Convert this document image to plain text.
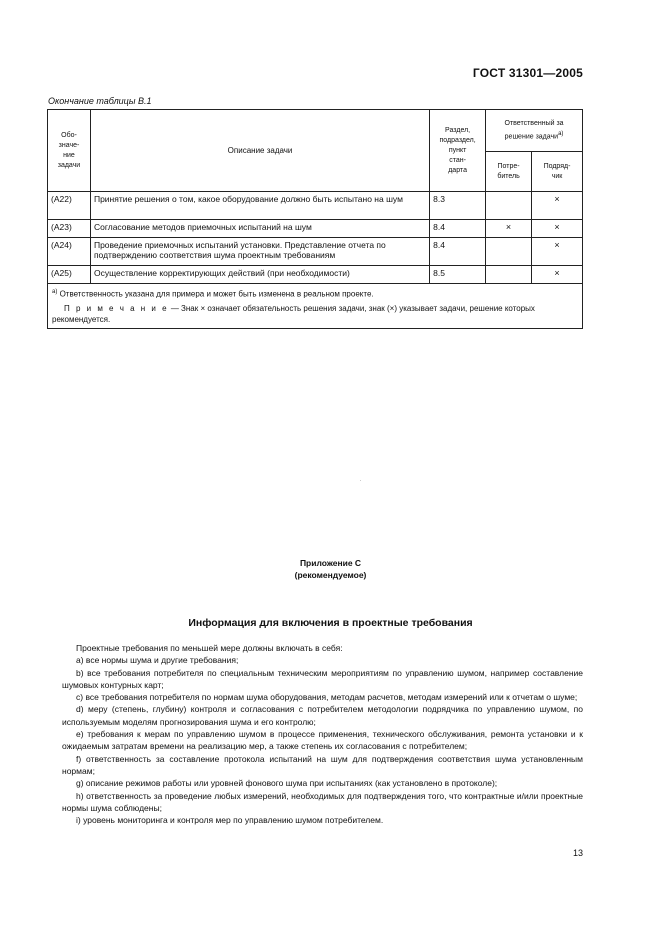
ГОСТ 31301—2005
Окончание таблицы В.1
Обо-
значе-
ние
задачи	Описание задачи	Раздел,
подраздел,
пункт
стан-
дарта	Ответственный за решение задачи$^{а)}$
			Потре-
битель	Подряд-
чик
(А22)	Принятие решения о том, какое оборудование должно быть испытано на шум	8.3		×
(А23)	Согласование методов приемочных испытаний на шум	8.4	×	×
(А24)	Проведение приемочных испытаний установки. Представление отчета по подтверждению соответствия шума проектным требованиям	8.4		×
(А25)	Осуществление корректирующих действий (при необходимости)	8.5		×

$^{а)}$ Ответственность указана для примера и может быть изменена в реальном проекте.
П р и м е ч а н и е — Знак × означает обязательность решения задачи, знак (×) указывает задачи, решение которых рекомендуется.				
Приложение С
(рекомендуемое)
Информация для включения в проектные требования

Проектные требования по меньшей мере должны включать в себя:

a) все нормы шума и другие требования;

b) все требования потребителя по специальным техническим мероприятиям по управлению шумом, например составление шумовых контурных карт;

c) все требования потребителя по нормам шума оборудования, методам расчетов, методам измерений или к отчетам о шуме;

d) меру (степень, глубину) контроля и согласования с потребителем методологии подрядчика по управлению шумом, по используемым моделям прогнозирования шума и его контролю;

e) требования к мерам по управлению шумом в процессе применения, технического обслуживания, ремонта установки и к ожидаемым затратам времени на реализацию мер, а также степень их согласования с потребителем;

f) ответственность за составление протокола испытаний на шум для подтверждения соответствия шума установленным нормам;

g) описание режимов работы или уровней фонового шума при испытаниях (как установлено в протоколе);

h) ответственность за проведение любых измерений, необходимых для подтверждения того, что контрактные и/или проектные нормы шума соблюдены;

i) уровень мониторинга и контроля мер по управлению шумом потребителем.

13
